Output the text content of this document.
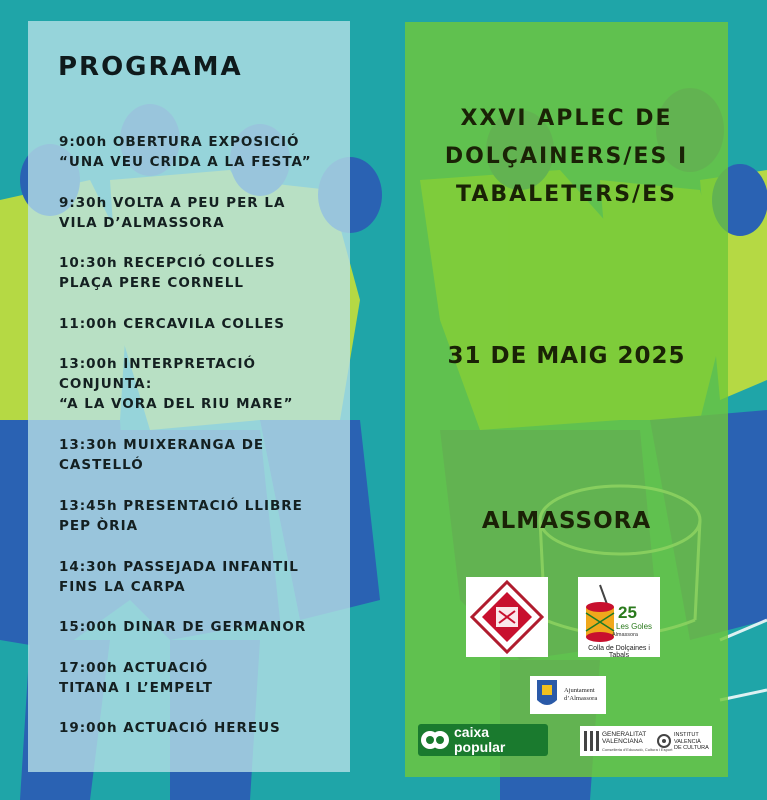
PROGRAMA
9:00h OBERTURA EXPOSICIÓ
“UNA VEU CRIDA A LA FESTA”
9:30h VOLTA A PEU PER LA
VILA D’ALMASSORA
10:30h RECEPCIÓ COLLES
PLAÇA PERE CORNELL
11:00h CERCAVILA COLLES
13:00h INTERPRETACIÓ
CONJUNTA:
“A LA VORA DEL RIU MARE”
13:30h MUIXERANGA DE
CASTELLÓ
13:45h PRESENTACIÓ LLIBRE
PEP ÒRIA
14:30h PASSEJADA INFANTIL
FINS LA CARPA
15:00h DINAR DE GERMANOR
17:00h ACTUACIÓ
TITANA I L’EMPELT
19:00h ACTUACIÓ HEREUS
XXVI APLEC DE
DOLÇAINERS/ES I
TABALETERS/ES
31 DE MAIG 2025
ALMASSORA
25
Les Goles
Almassora
Colla de Dolçaines i Tabals
Ajuntament
d’Almassora
caixa
popular
GENERALITAT
VALENCIANA
Conselleria d’Educació, Cultura i Esport
INSTITUT
VALENCIÀ
DE CULTURA
